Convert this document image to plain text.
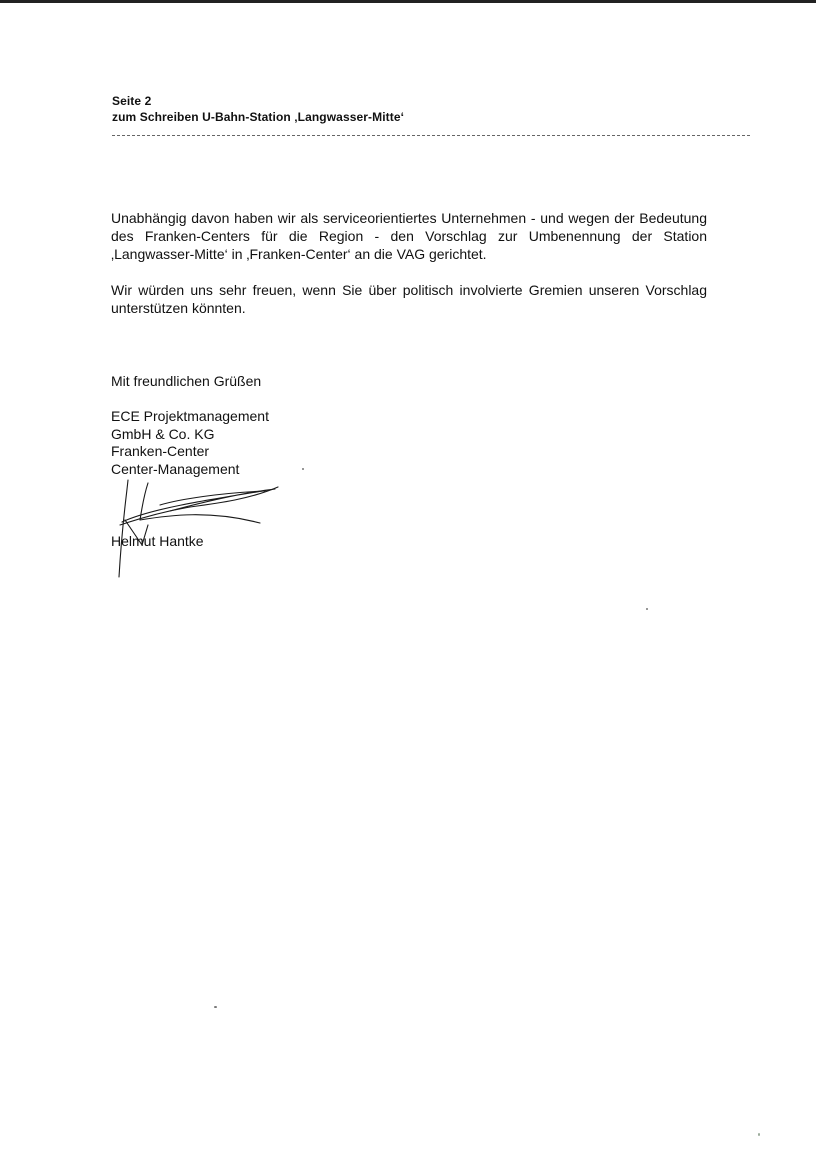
Seite 2
zum Schreiben U-Bahn-Station ‚Langwasser-Mitte‘

Unabhängig davon haben wir als serviceorientiertes Unternehmen - und wegen der Bedeutung des Franken-Centers für die Region - den Vorschlag zur Umbenennung der Station ‚Langwasser-Mitte‘ in ‚Franken-Center‘ an die VAG gerichtet.

Wir würden uns sehr freuen, wenn Sie über politisch involvierte Gremien unseren Vorschlag unterstützen könnten.

Mit freundlichen Grüßen
ECE Projektmanagement
GmbH & Co. KG
Franken-Center
Center-Management
Helmut Hantke
